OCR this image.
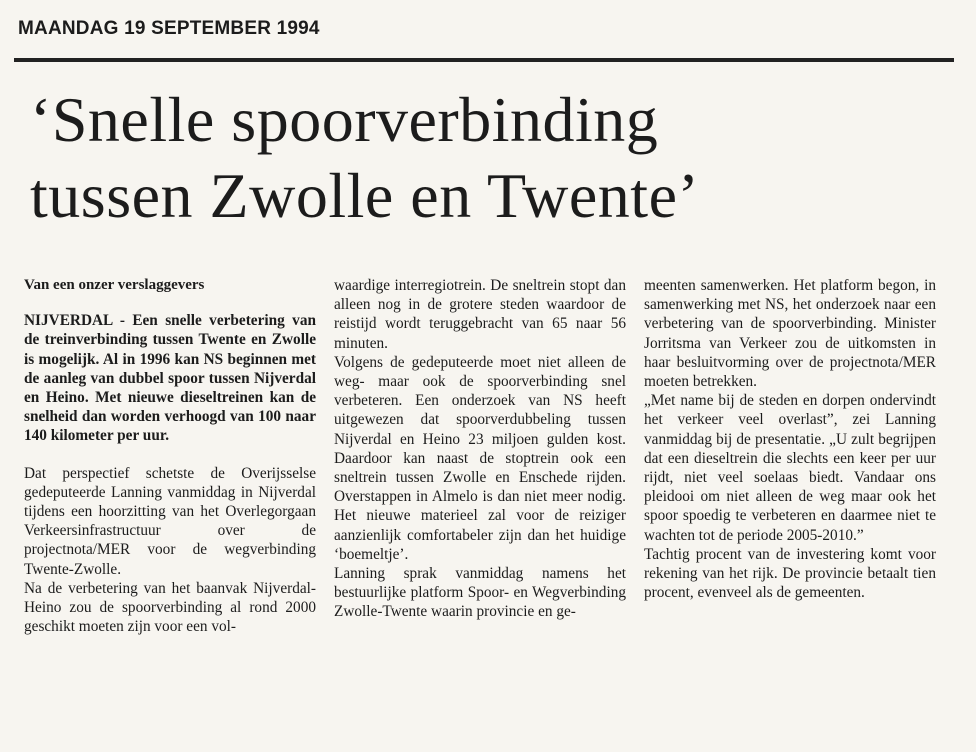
MAANDAG 19 SEPTEMBER 1994
‘Snelle spoorverbinding
tussen Zwolle en Twente’

Van een onzer verslaggevers

NIJVERDAL - Een snelle verbetering van de treinverbinding tussen Twente en Zwolle is mogelijk. Al in 1996 kan NS beginnen met de aanleg van dubbel spoor tussen Nijverdal en Heino. Met nieuwe dieseltreinen kan de snelheid dan worden verhoogd van 100 naar 140 kilometer per uur.

Dat perspectief schetste de Overijsselse gedeputeerde Lanning vanmiddag in Nijverdal tijdens een hoorzitting van het Overlegorgaan Verkeersinfrastructuur over de projectnota/MER voor de wegverbinding Twente-Zwolle.

Na de verbetering van het baanvak Nijverdal-Heino zou de spoorverbinding al rond 2000 geschikt moeten zijn voor een vol-

waardige interregiotrein. De sneltrein stopt dan alleen nog in de grotere steden waardoor de reistijd wordt teruggebracht van 65 naar 56 minuten.

Volgens de gedeputeerde moet niet alleen de weg- maar ook de spoorverbinding snel verbeteren. Een onderzoek van NS heeft uitgewezen dat spoorverdubbeling tussen Nijverdal en Heino 23 miljoen gulden kost. Daardoor kan naast de stoptrein ook een sneltrein tussen Zwolle en Enschede rijden. Overstappen in Almelo is dan niet meer nodig. Het nieuwe materieel zal voor de reiziger aanzienlijk comfortabeler zijn dan het huidige ‘boemeltje’.

Lanning sprak vanmiddag namens het bestuurlijke platform Spoor- en Wegverbinding Zwolle-Twente waarin provincie en ge-

meenten samenwerken. Het platform begon, in samenwerking met NS, het onderzoek naar een verbetering van de spoorverbinding. Minister Jorritsma van Verkeer zou de uitkomsten in haar besluitvorming over de projectnota/MER moeten betrekken.

„Met name bij de steden en dorpen ondervindt het verkeer veel overlast”, zei Lanning vanmiddag bij de presentatie. „U zult begrijpen dat een dieseltrein die slechts een keer per uur rijdt, niet veel soelaas biedt. Vandaar ons pleidooi om niet alleen de weg maar ook het spoor spoedig te verbeteren en daarmee niet te wachten tot de periode 2005-2010.”

Tachtig procent van de investering komt voor rekening van het rijk. De provincie betaalt tien procent, evenveel als de gemeenten.
